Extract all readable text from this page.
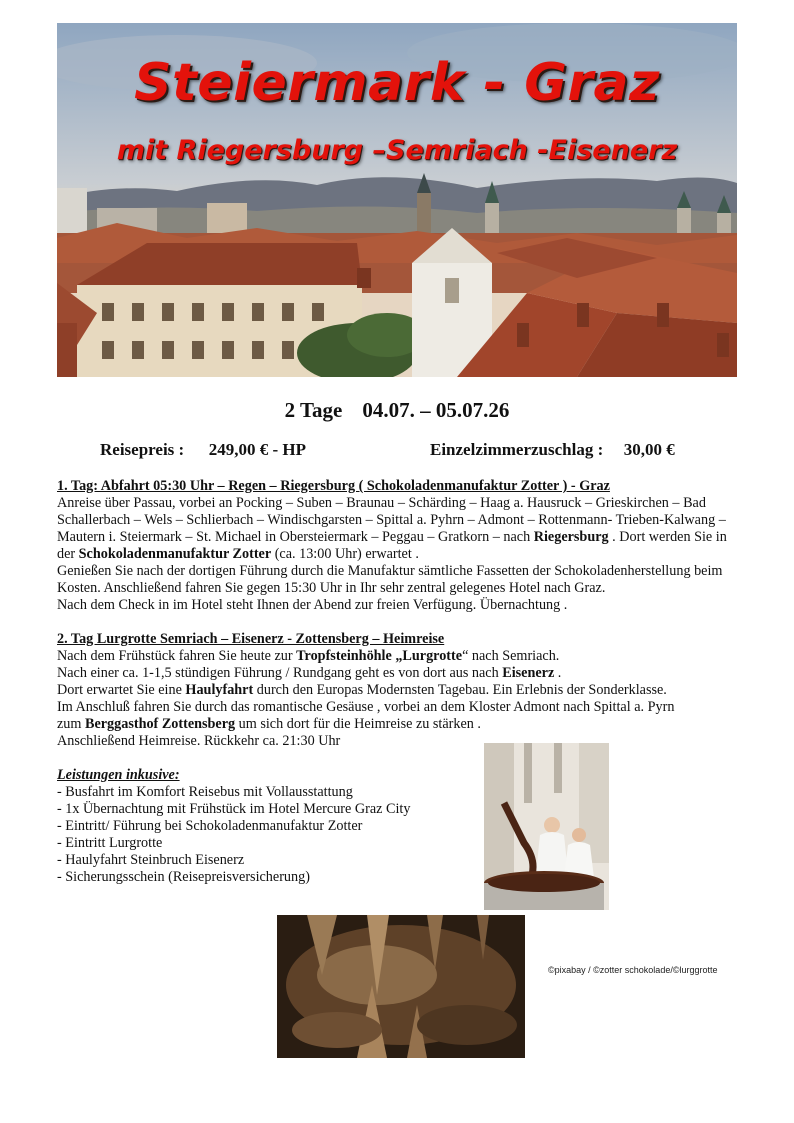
Steiermark - Graz
mit Riegersburg –Semriach -Eisenerz

2 Tage 04.07. – 05.07.26

Reisepreis : 249,00 € - HP	Einzelzimmerzuschlag : 30,00 €

1. Tag: Abfahrt 05:30 Uhr – Regen – Riegersburg ( Schokoladenmanufaktur Zotter ) - Graz

Anreise über Passau, vorbei an Pocking – Suben – Braunau – Schärding – Haag a. Hausruck – Grieskirchen – Bad Schallerbach – Wels – Schlierbach – Windischgarsten – Spittal a. Pyhrn – Admont – Rottenmann- Trieben-Kalwang – Mautern i. Steiermark – St. Michael in Obersteiermark – Peggau – Gratkorn – nach Riegersburg . Dort werden Sie in der Schokoladenmanufaktur Zotter (ca. 13:00 Uhr) erwartet .

Genießen Sie nach der dortigen Führung durch die Manufaktur sämtliche Fassetten der Schokoladenherstellung beim Kosten. Anschließend fahren Sie gegen 15:30 Uhr in Ihr sehr zentral gelegenes Hotel nach Graz.

Nach dem Check in im Hotel steht Ihnen der Abend zur freien Verfügung. Übernachtung .

2. Tag Lurgrotte Semriach – Eisenerz - Zottensberg – Heimreise

Nach dem Frühstück fahren Sie heute zur Tropfsteinhöhle „Lurgrotte“ nach Semriach.

Nach einer ca. 1-1,5 stündigen Führung / Rundgang geht es von dort aus nach Eisenerz .

Dort erwartet Sie eine Haulyfahrt durch den Europas Modernsten Tagebau. Ein Erlebnis der Sonderklasse.

Im Anschluß fahren Sie durch das romantische Gesäuse , vorbei an dem Kloster Admont nach Spittal a. Pyrn

zum Berggasthof Zottensberg um sich dort für die Heimreise zu stärken .

Anschließend Heimreise. Rückkehr ca. 21:30 Uhr

Leistungen inkusive:

- Busfahrt im Komfort Reisebus mit Vollausstattung

- 1x Übernachtung mit Frühstück im Hotel Mercure Graz City

- Eintritt/ Führung bei Schokoladenmanufaktur Zotter

- Eintritt Lurgrotte

- Haulyfahrt Steinbruch Eisenerz

- Sicherungsschein (Reisepreisversicherung)

©pixabay / ©zotter schokolade/©lurggrotte
